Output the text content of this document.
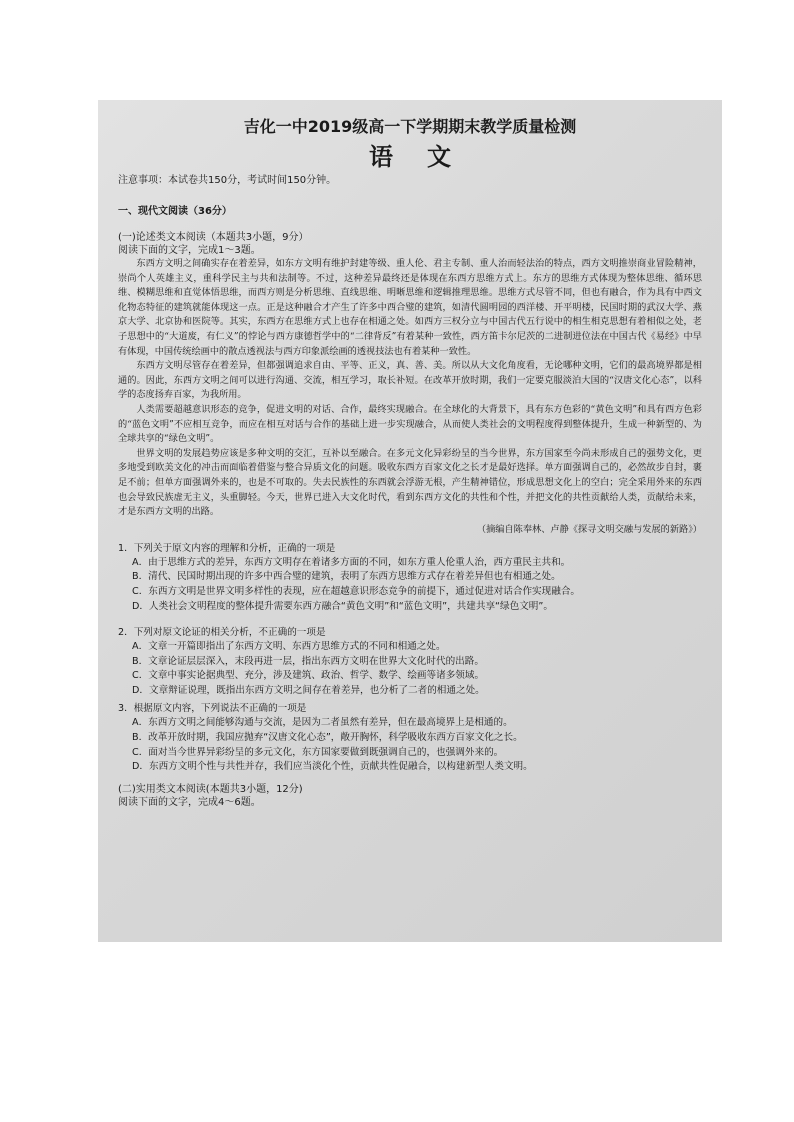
吉化一中2019级高一下学期期末教学质量检测

语文

注意事项：本试卷共150分，考试时间150分钟。

一、现代文阅读（36分）

(一)论述类文本阅读（本题共3小题，9分）

阅读下面的文字，完成1～3题。

东西方文明之间确实存在着差异，如东方文明有维护封建等级、重人伦、君主专制、重人治而轻法治的特点，西方文明推崇商业冒险精神，崇尚个人英雄主义，重科学民主与共和法制等。不过，这种差异最终还是体现在东西方思维方式上。东方的思维方式体现为整体思维、循环思维、模糊思维和直觉体悟思维，而西方则是分析思维、直线思维、明晰思维和逻辑推理思维。思维方式尽管不同，但也有融合，作为具有中西文化物态特征的建筑就能体现这一点。正是这种融合才产生了许多中西合璧的建筑，如清代圆明园的西洋楼、开平明楼，民国时期的武汉大学、燕京大学、北京协和医院等。其实，东西方在思维方式上也存在相通之处。如西方三权分立与中国古代五行说中的相生相克思想有着相似之处，老子思想中的“大道废，有仁义”的悖论与西方康德哲学中的“二律背反”有着某种一致性，西方笛卡尔尼茨的二进制进位法在中国古代《易经》中早有体现，中国传统绘画中的散点透视法与西方印象派绘画的透视技法也有着某种一致性。

东西方文明尽管存在着差异，但都强调追求自由、平等、正义，真、善、美。所以从大文化角度看，无论哪种文明，它们的最高境界都是相通的。因此，东西方文明之间可以进行沟通、交流，相互学习，取长补短。在改革开放时期，我们一定要克服淡泊大国的“汉唐文化心态”，以科学的态度扬弃百家，为我所用。

人类需要超越意识形态的竞争，促进文明的对话、合作，最终实现融合。在全球化的大背景下，具有东方色彩的“黄色文明”和具有西方色彩的“蓝色文明”不应相互竞争，而应在相互对话与合作的基础上进一步实现融合，从而使人类社会的文明程度得到整体提升，生成一种新型的、为全球共享的“绿色文明”。

世界文明的发展趋势应该是多种文明的交汇，互补以至融合。在多元文化异彩纷呈的当今世界，东方国家至今尚未形成自己的强势文化，更多地受到欧美文化的冲击而面临着借鉴与整合异质文化的问题。吸收东西方百家文化之长才是最好选择。单方面强调自己的，必然故步自封，裹足不前；但单方面强调外来的，也是不可取的。失去民族性的东西就会浮游无根，产生精神错位，形成思想文化上的空白；完全采用外来的东西也会导致民族虚无主义，头重脚轻。今天，世界已进入大文化时代，看到东西方文化的共性和个性，并把文化的共性贡献给人类，贡献给未来，才是东西方文明的出路。

（摘编自陈奉林、卢静《探寻文明交融与发展的新路》）

1．下列关于原文内容的理解和分析，正确的一项是

A．由于思维方式的差异，东西方文明存在着诸多方面的不同，如东方重人伦重人治，西方重民主共和。

B．清代、民国时期出现的许多中西合璧的建筑，表明了东西方思维方式存在着差异但也有相通之处。

C．东西方文明是世界文明多样性的表现，应在超越意识形态竞争的前提下，通过促进对话合作实现融合。

D．人类社会文明程度的整体提升需要东西方融合“黄色文明”和“蓝色文明”，共建共享“绿色文明”。

2．下列对原文论证的相关分析，不正确的一项是

A．文章一开篇即指出了东西方文明、东西方思维方式的不同和相通之处。

B．文章论证层层深入，末段再进一层，指出东西方文明在世界大文化时代的出路。

C．文章中事实论据典型、充分，涉及建筑、政治、哲学、数学、绘画等诸多领域。

D．文章辩证说理，既指出东西方文明之间存在着差异，也分析了二者的相通之处。

3．根据原文内容，下列说法不正确的一项是

A．东西方文明之间能够沟通与交流，是因为二者虽然有差异，但在最高境界上是相通的。

B．改革开放时期，我国应抛弃“汉唐文化心态”，敞开胸怀，科学吸收东西方百家文化之长。

C．面对当今世界异彩纷呈的多元文化，东方国家要做到既强调自己的，也强调外来的。

D．东西方文明个性与共性并存，我们应当淡化个性，贡献共性促融合，以构建新型人类文明。

(二)实用类文本阅读(本题共3小题，12分)

阅读下面的文字，完成4～6题。
